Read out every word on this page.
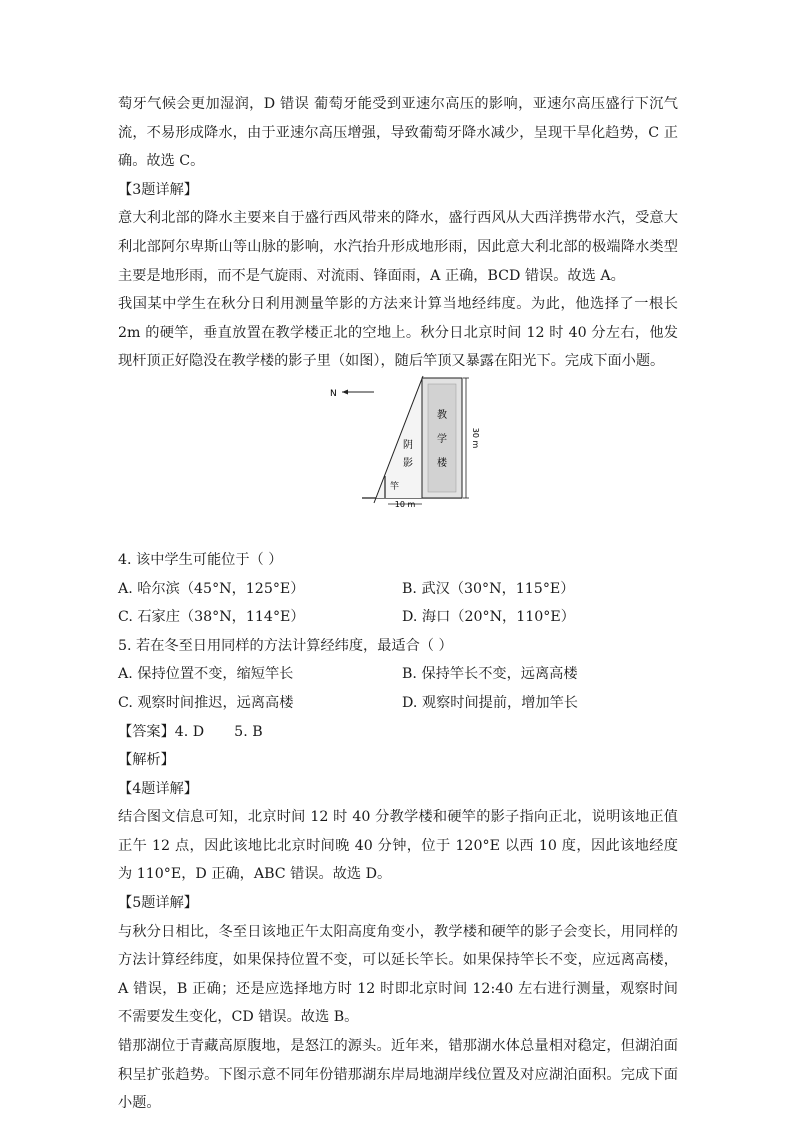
萄牙气候会更加湿润，D 错误 葡萄牙能受到亚速尔高压的影响，亚速尔高压盛行下沉气流，不易形成降水，由于亚速尔高压增强，导致葡萄牙降水减少，呈现干旱化趋势，C 正确。故选 C。

【3题详解】

意大利北部的降水主要来自于盛行西风带来的降水，盛行西风从大西洋携带水汽，受意大利北部阿尔卑斯山等山脉的影响，水汽抬升形成地形雨，因此意大利北部的极端降水类型主要是地形雨，而不是气旋雨、对流雨、锋面雨，A 正确，BCD 错误。故选 A。

我国某中学生在秋分日利用测量竿影的方法来计算当地经纬度。为此，他选择了一根长 2m 的硬竿，垂直放置在教学楼正北的空地上。秋分日北京时间 12 时 40 分左右，他发现杆顶正好隐没在教学楼的影子里（如图），随后竿顶又暴露在阳光下。完成下面小题。

N
教
学
楼
阴
影
竿
30 m
10 m

4. 该中学生可能位于（ ）

A. 哈尔滨（45°N，125°E）	B. 武汉（30°N，115°E）
C. 石家庄（38°N，114°E）	D. 海口（20°N，110°E）

5. 若在冬至日用同样的方法计算经纬度，最适合（ ）

A. 保持位置不变，缩短竿长	B. 保持竿长不变，远离高楼
C. 观察时间推迟，远离高楼	D. 观察时间提前，增加竿长

【答案】4. D 5. B

【解析】

【4题详解】

结合图文信息可知，北京时间 12 时 40 分教学楼和硬竿的影子指向正北，说明该地正值正午 12 点，因此该地比北京时间晚 40 分钟，位于 120°E 以西 10 度，因此该地经度为 110°E，D 正确，ABC 错误。故选 D。

【5题详解】

与秋分日相比，冬至日该地正午太阳高度角变小，教学楼和硬竿的影子会变长，用同样的方法计算经纬度，如果保持位置不变，可以延长竿长。如果保持竿长不变，应远离高楼，A 错误，B 正确；还是应选择地方时 12 时即北京时间 12:40 左右进行测量，观察时间不需要发生变化，CD 错误。故选 B。

错那湖位于青藏高原腹地，是怒江的源头。近年来，错那湖水体总量相对稳定，但湖泊面积呈扩张趋势。下图示意不同年份错那湖东岸局地湖岸线位置及对应湖泊面积。完成下面小题。
